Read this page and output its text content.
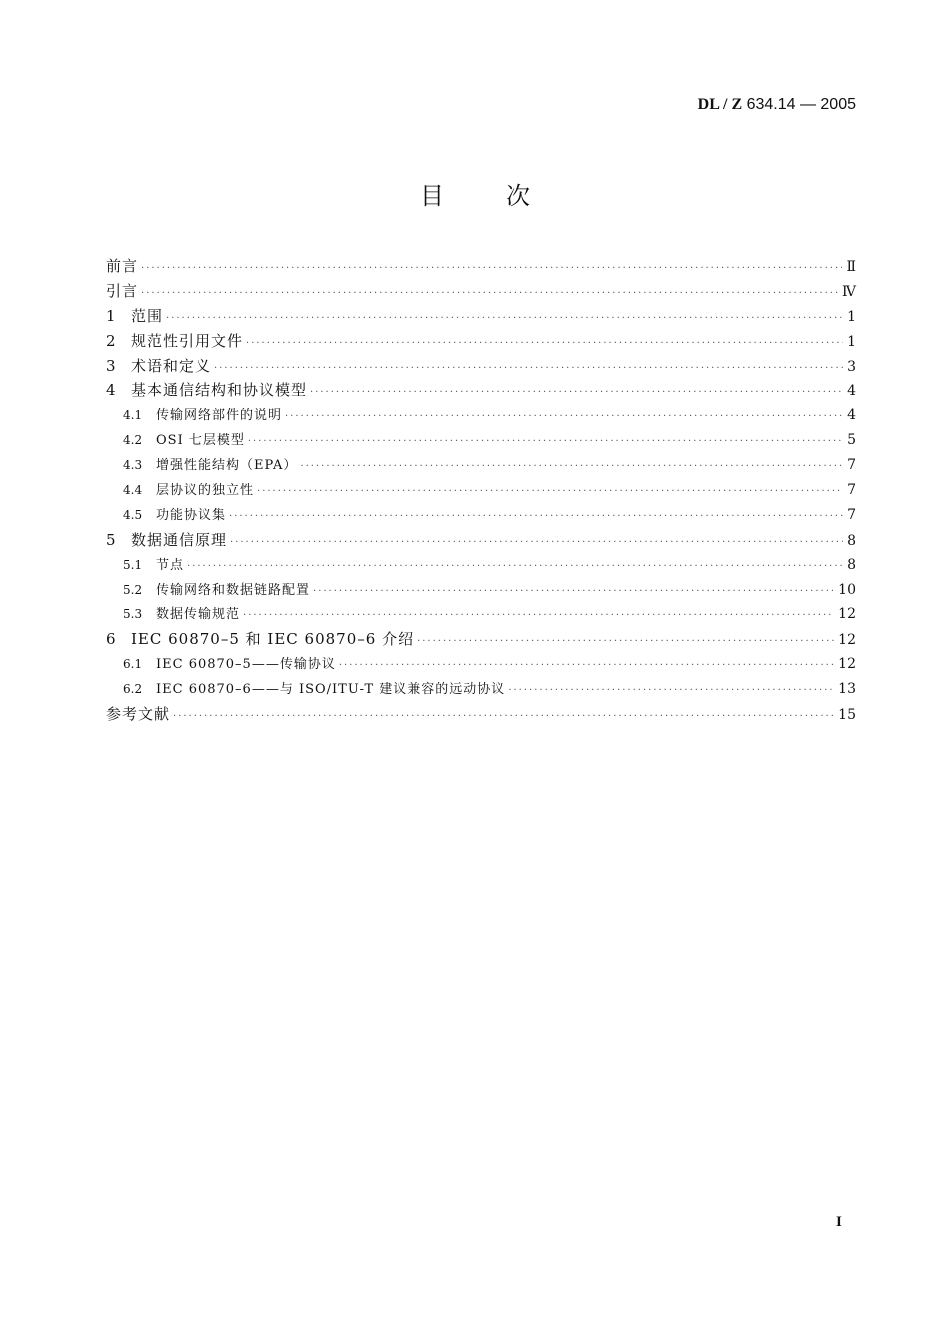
DL / Z 634.14 — 2005
目次
前言 ·····	Ⅱ
引言 ·····	Ⅳ
1	范围 ·····	1
2	规范性引用文件 ·····	1
3	术语和定义 ·····	3
4	基本通信结构和协议模型 ·····	4
4.1	传输网络部件的说明 ·····	4
4.2	OSI 七层模型 ·····	5
4.3	增强性能结构（EPA） ·····	7
4.4	层协议的独立性 ·····	7
4.5	功能协议集 ·····	7
5	数据通信原理 ·····	8
5.1	节点 ·····	8
5.2	传输网络和数据链路配置 ·····	10
5.3	数据传输规范 ·····	12
6	IEC 60870–5 和 IEC 60870–6 介绍 ·····	12
6.1	IEC 60870–5——传输协议 ·····	12
6.2	IEC 60870–6——与 ISO/ITU-T 建议兼容的远动协议 ·····	13
参考文献 ·····	15
I
